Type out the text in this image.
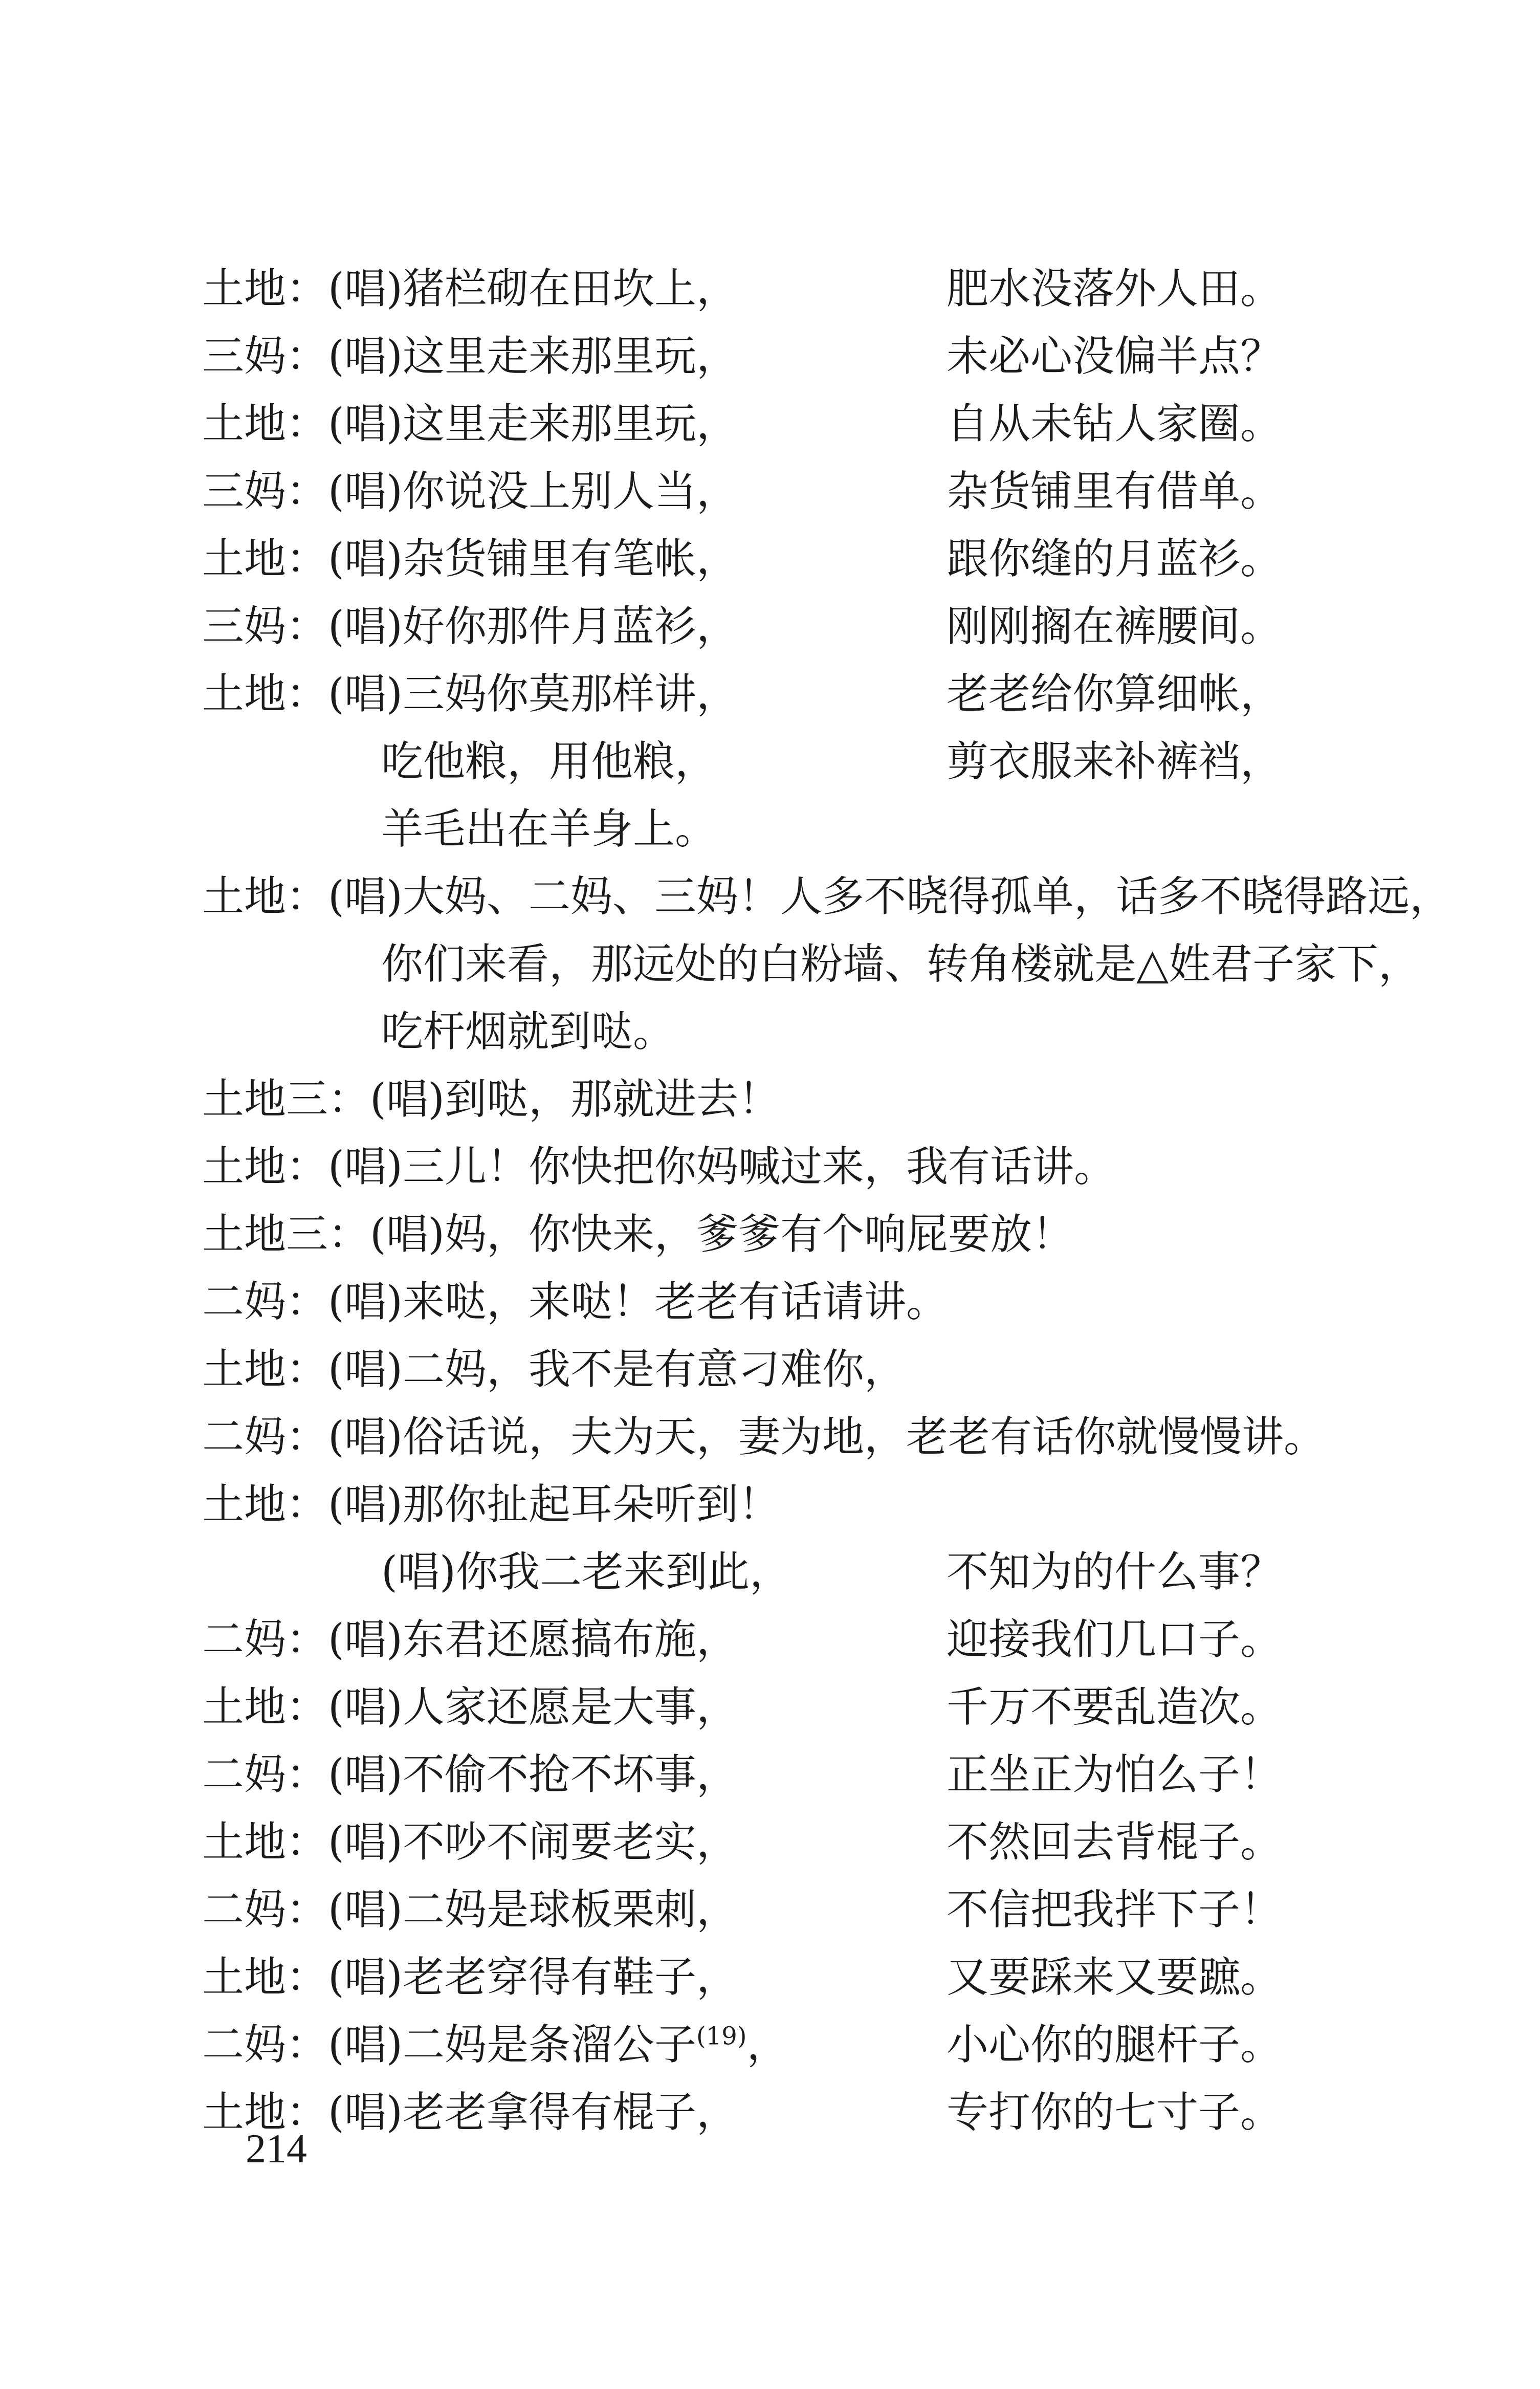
土地：(唱)猪栏砌在田坎上，	肥水没落外人田。
三妈：(唱)这里走来那里玩，	未必心没偏半点？
土地：(唱)这里走来那里玩，	自从未钻人家圈。
三妈：(唱)你说没上别人当，	杂货铺里有借单。
土地：(唱)杂货铺里有笔帐，	跟你缝的月蓝衫。
三妈：(唱)好你那件月蓝衫，	刚刚搁在裤腰间。
土地：(唱)三妈你莫那样讲，	老老给你算细帐，
吃他粮，用他粮，	剪衣服来补裤裆，
羊毛出在羊身上。
土地：(唱)大妈、二妈、三妈！人多不晓得孤单，话多不晓得路远，
你们来看，那远处的白粉墙、转角楼就是△姓君子家下，
吃杆烟就到哒。
土地三：(唱)到哒，那就进去！
土地：(唱)三儿！你快把你妈喊过来，我有话讲。
土地三：(唱)妈，你快来，爹爹有个响屁要放！
二妈：(唱)来哒，来哒！老老有话请讲。
土地：(唱)二妈，我不是有意刁难你，
二妈：(唱)俗话说，夫为天，妻为地，老老有话你就慢慢讲。
土地：(唱)那你扯起耳朵听到！
(唱)你我二老来到此，	不知为的什么事？
二妈：(唱)东君还愿搞布施，	迎接我们几口子。
土地：(唱)人家还愿是大事，	千万不要乱造次。
二妈：(唱)不偷不抢不坏事，	正坐正为怕么子！
土地：(唱)不吵不闹要老实，	不然回去背棍子。
二妈：(唱)二妈是球板栗刺，	不信把我拌下子！
土地：(唱)老老穿得有鞋子，	又要踩来又要蹠。
二妈：(唱)二妈是条溜公子$^{(19)}$，	小心你的腿杆子。
土地：(唱)老老拿得有棍子，	专打你的七寸子。
214
